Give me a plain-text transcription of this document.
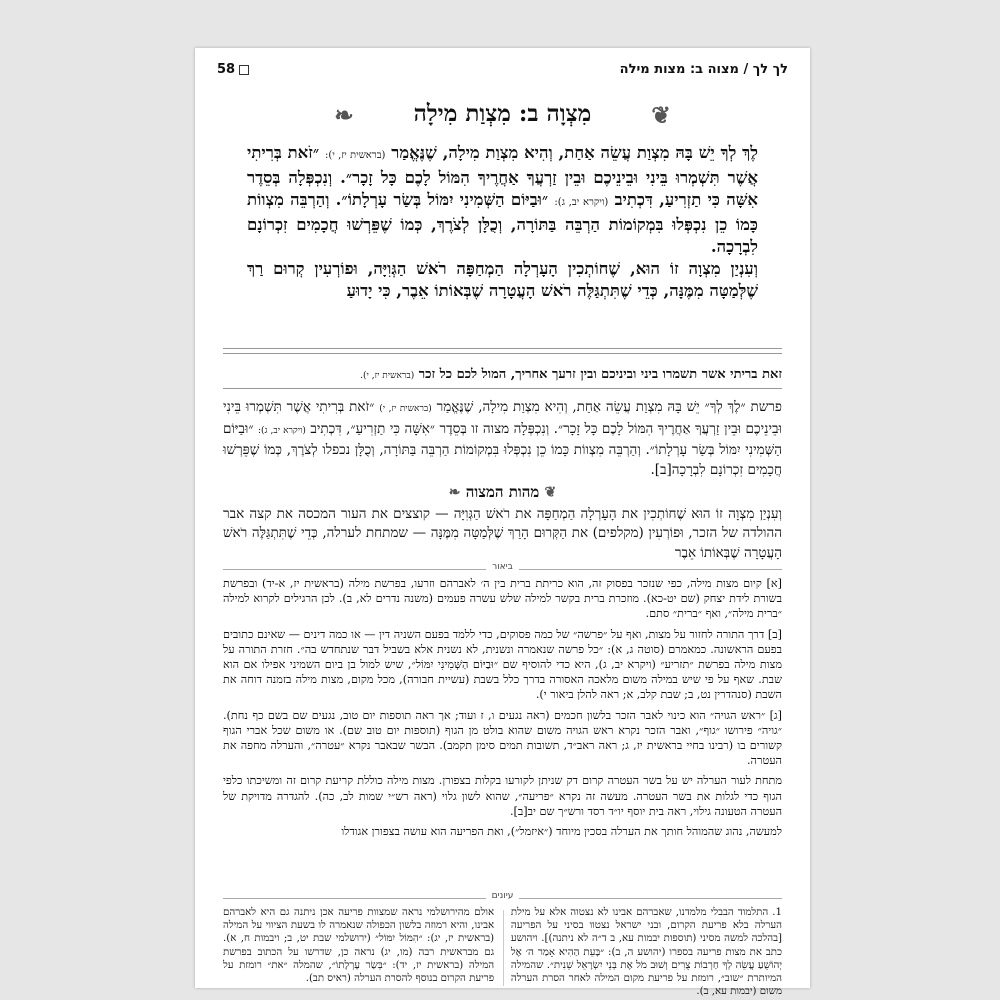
58	לך לך / מצוה ב: מצות מילה
❦ מִצְוָה ב: מִצְוַת מִילָה ❧

לֶךְ לְךָ יֵשׁ בָּהּ מִצְוַת עֲשֵׂה אַחַת, וְהִיא מִצְוַת מִילָה, שֶׁנֶּאֱמַר (בראשית יז, י): ״זֹאת בְּרִיתִי אֲשֶׁר תִּשְׁמְרוּ בֵּינִי וּבֵינֵיכֶם וּבֵין זַרְעֲךָ אַחֲרֶיךָ הִמּוֹל לָכֶם כָּל זָכָר״. וְנִכְפְּלָה בְּסֵדֶר אִשָּׁה כִּי תַזְרִיעַ, דִּכְתִיב (ויקרא יב, ג): ״וּבַיּוֹם הַשְּׁמִינִי יִמּוֹל בְּשַׂר עָרְלָתוֹ״. וְהַרְבֵּה מִצְווֹת כָּמוֹ כֵן נִכְפְּלוּ בִּמְקוֹמוֹת הַרְבֵּה בַּתּוֹרָה, וְכֻלָּן לְצֹרֶךְ, כְּמוֹ שֶׁפֵּרְשׁוּ חֲכָמִים זִכְרוֹנָם לִבְרָכָה.

וְעִנְיַן מִצְוָה זוֹ הוּא, שֶׁחוֹתְכִין הָעָרְלָה הַמְחַפָּה רֹאשׁ הַגְּוִיָּה, וּפוֹרְעִין קְרוּם רַךְ שֶׁלְּמַטָּה מִמֶּנָּה, כְּדֵי שֶׁתִּתְגַּלֶּה רֹאשׁ הָעֲטָרָה שֶׁבְּאוֹתוֹ אֵבֶר, כִּי יָדוּעַ

זאת בריתי אשר תשמרו ביני וביניכם ובין זרעך אחריך, המול לכם כל זכר (בראשית יז, י).

פרשת ״לֶךְ לְךָ״ יֵשׁ בָּהּ מִצְוַת עֲשֵׂה אַחַת, וְהִיא מִצְוַת מִילָה, שֶׁנֶּאֱמַר (בראשית יז, י) ״זֹאת בְּרִיתִי אֲשֶׁר תִּשְׁמְרוּ בֵּינִי וּבֵינֵיכֶם וּבֵין זַרְעֲךָ אַחֲרֶיךָ הִמּוֹל לָכֶם כָּל זָכָר״. וְנִכְפְּלָה מצוה זו בְּסֵדֶר ״אִשָּׁה כִּי תַזְרִיעַ״, דִּכְתִיב (ויקרא יב, ג): ״וּבַיּוֹם הַשְּׁמִינִי יִמּוֹל בְּשַׂר עָרְלָתוֹ״. וְהַרְבֵּה מִצְווֹת כָּמוֹ כֵן נִכְפְּלוּ בִּמְקוֹמוֹת הַרְבֵּה בַּתּוֹרָה, וְכֻלָּן נכפלו לְצֹרֶךְ, כְּמוֹ שֶׁפֵּרְשׁוּ חֲכָמִים זִכְרוֹנָם לִבְרָכָה[ב].

❦ מהות המצוה ❧

וְעִנְיַן מִצְוָה זוֹ הוּא שֶׁחוֹתְכִין את הָעָרְלָה הַמְחַפָּה את רֹאשׁ הַגְּוִיָּה — קוצצים את העור המכסה את קצה אבר ההולדה של הזכר, וּפוֹרְעִין (מקלפים) את הַקְּרוּם הָרַךְ שֶׁלְּמַטָּה מִמֶּנָּה — שמתחת לערלה, כְּדֵי שֶׁתִּתְגַּלֶּה רֹאשׁ הָעֲטָרָה שֶׁבְּאוֹתוֹ אֵבֶר

ביאור

[א] קיום מצות מילה, כפי שנזכר בפסוק זה, הוא כריתת ברית בין ה׳ לאברהם וזרעו, בפרשת מילה (בראשית יז, א-יד) ובפרשת בשורת לידת יצחק (שם יט-כא). מוזכרת ברית בקשר למילה שלש עשרה פעמים (משנה נדרים לא, ב). לכן הרגילים לקרוא למילה ״ברית מילה״, ואף ״ברית״ סתם.

[ב] דרך התורה לחזור על מצות, ואף על ״פרשה״ של כמה פסוקים, כדי ללמד בפעם השניה דין — או כמה דינים — שאינם כתובים בפעם הראשונה. כמאמרם (סוטה ג, א): ״כל פרשה שנאמרה ונשנית, לא נשנית אלא בשביל דבר שנתחדש בה״. חזרת התורה על מצות מילה בפרשת ״תזריע״ (ויקרא יב, ג), היא כדי להוסיף שם ״וּבַיּוֹם הַשְּׁמִינִי יִמּוֹל״, שיש למול בן ביום השמיני אפילו אם הוא שבת. שאף על פי שיש במילה משום מלאכה האסורה בדרך כלל בשבת (עשיית חבורה), מכל מקום, מצות מילה בזמנה דוחה את השבת (סנהדרין נט, ב; שבת קלב, א; ראה להלן ביאור י).

[ג] ״ראש הגויה״ הוא כינוי לאבר הזכר בלשון חכמים (ראה נגעים ו, ז ועוד; אך ראה תוספות יום טוב, נגעים שם בשם כף נחת). ״גויה״ פירושו ״גוף״, ואבר הזכר נקרא ראש הגויה משום שהוא בולט מן הגוף (תוספות יום טוב שם). או משום שכל אברי הגוף קשורים בו (רבינו בחיי בראשית יז, ג; ראה ראב״ד, תשובות תמים סימן תקמב). הבשר שבאבר נקרא ״עטרה״, והערלה מחפה את העטרה.

מתחת לעור הערלה יש על בשר העטרה קרום דק שניתן לקורעו בקלות בצפורן. מצות מילה כוללת קריעת קרום זה ומשיכתו כלפי הגוף כדי לגלות את בשר העטרה. מעשה זה נקרא ״פריעה״, שהוא לשון גלוי (ראה רש״י שמות לב, כה). להגדרה מדויקת של העטרה הטעונה גילוי, ראה בית יוסף יו״ד רסד ורש״ך שם יב[ב].

למעשה, נהוג שהמוהל חותך את הערלה בסכין מיוחד (״איזמל״), ואת הפריעה הוא עושה בצפורן אגודלו

עיונים
1. התלמוד הבבלי מלמדנו, שאברהם אבינו לא נצטוה אלא על מילת הערלה בלא פריעת הקרום, ובני ישראל נצטוו בסיני על הפריעה [בהלכה למשה מסיני (תוספות יבמות עא, ב ד״ה לא ניתנה)]. ויהושע כתב את מצות פריעה בספרו (יהושע ה, ב): ״בָּעֵת הַהִיא אָמַר ה׳ אֶל יְהוֹשֻׁעַ עֲשֵׂה לְךָ חַרְבוֹת צֻרִים וְשׁוּב מֹל אֶת בְּנֵי יִשְׂרָאֵל שֵׁנִית״. שהמילה המיותרת ״שוב״, רומזת על פריעת מקום המילה לאחר הסרת הערלה משום (יבמות עא, ב).
אולם מהירושלמי נראה שמצוות פריעה אכן ניתנה גם היא לאברהם אבינו, והיא רמוזה בלשון הכפולה שנאמרה לו בשעת הציווי על המילה (בראשית יז, יג): ״הִמּוֹל יִמּוֹל״ (ירושלמי שבת יט, ב; ויבמות ח, א). גם מבראשית רבה (מו, יג) נראה כן, שדרשו על הכתוב בפרשת המילה (בראשית יז, יד): ״בְּשַׂר עָרְלָתוֹ״, שהמלה ״את״ רומזת על פריעת הקרום בנוסף להסרת הערלה (ראיס תב).
